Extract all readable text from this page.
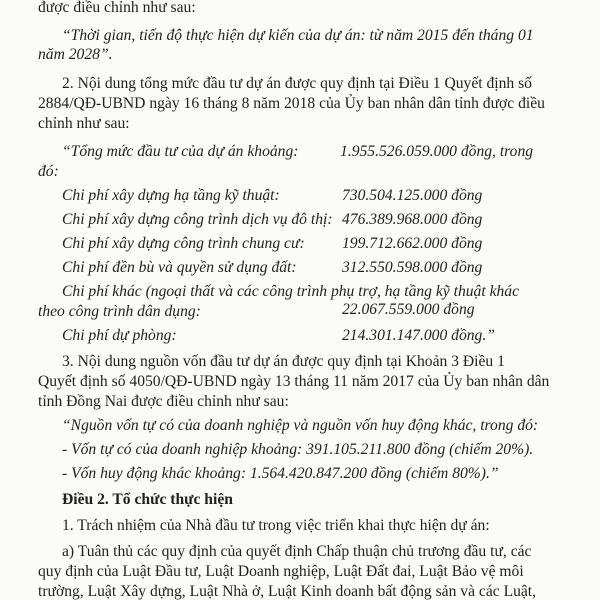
được điều chỉnh như sau:
“Thời gian, tiến độ thực hiện dự kiến của dự án: từ năm 2015 đến tháng 01
năm 2028”.
2. Nội dung tổng mức đầu tư dự án được quy định tại Điều 1 Quyết định số
2884/QĐ-UBND ngày 16 tháng 8 năm 2018 của Ủy ban nhân dân tỉnh được điều
chỉnh như sau:
“Tổng mức đầu tư của dự án khoảng:	1.955.526.059.000 đồng, trong
đó:
Chi phí xây dựng hạ tầng kỹ thuật:	730.504.125.000 đồng
Chi phí xây dựng công trình dịch vụ đô thị: 476.389.968.000 đồng
Chi phí xây dựng công trình chung cư: 199.712.662.000 đồng
Chi phí đền bù và quyền sử dụng đất:	312.550.598.000 đồng
Chi phí khác (ngoại thất và các công trình phụ trợ, hạ tầng kỹ thuật khác
theo công trình dân dụng:	22.067.559.000 đồng
Chi phí dự phòng:	214.301.147.000 đồng.”
3. Nội dung nguồn vốn đầu tư dự án được quy định tại Khoản 3 Điều 1
Quyết định số 4050/QĐ-UBND ngày 13 tháng 11 năm 2017 của Ủy ban nhân dân
tỉnh Đồng Nai được điều chỉnh như sau:
“Nguồn vốn tự có của doanh nghiệp và nguồn vốn huy động khác, trong đó:
- Vốn tự có của doanh nghiệp khoảng: 391.105.211.800 đồng (chiếm 20%).
- Vốn huy động khác khoảng: 1.564.420.847.200 đồng (chiếm 80%).”
Điều 2. Tổ chức thực hiện
1. Trách nhiệm của Nhà đầu tư trong việc triển khai thực hiện dự án:
a) Tuân thủ các quy định của quyết định Chấp thuận chủ trương đầu tư, các
quy định của Luật Đầu tư, Luật Doanh nghiệp, Luật Đất đai, Luật Bảo vệ môi
trường, Luật Xây dựng, Luật Nhà ở, Luật Kinh doanh bất động sản và các Luật,
